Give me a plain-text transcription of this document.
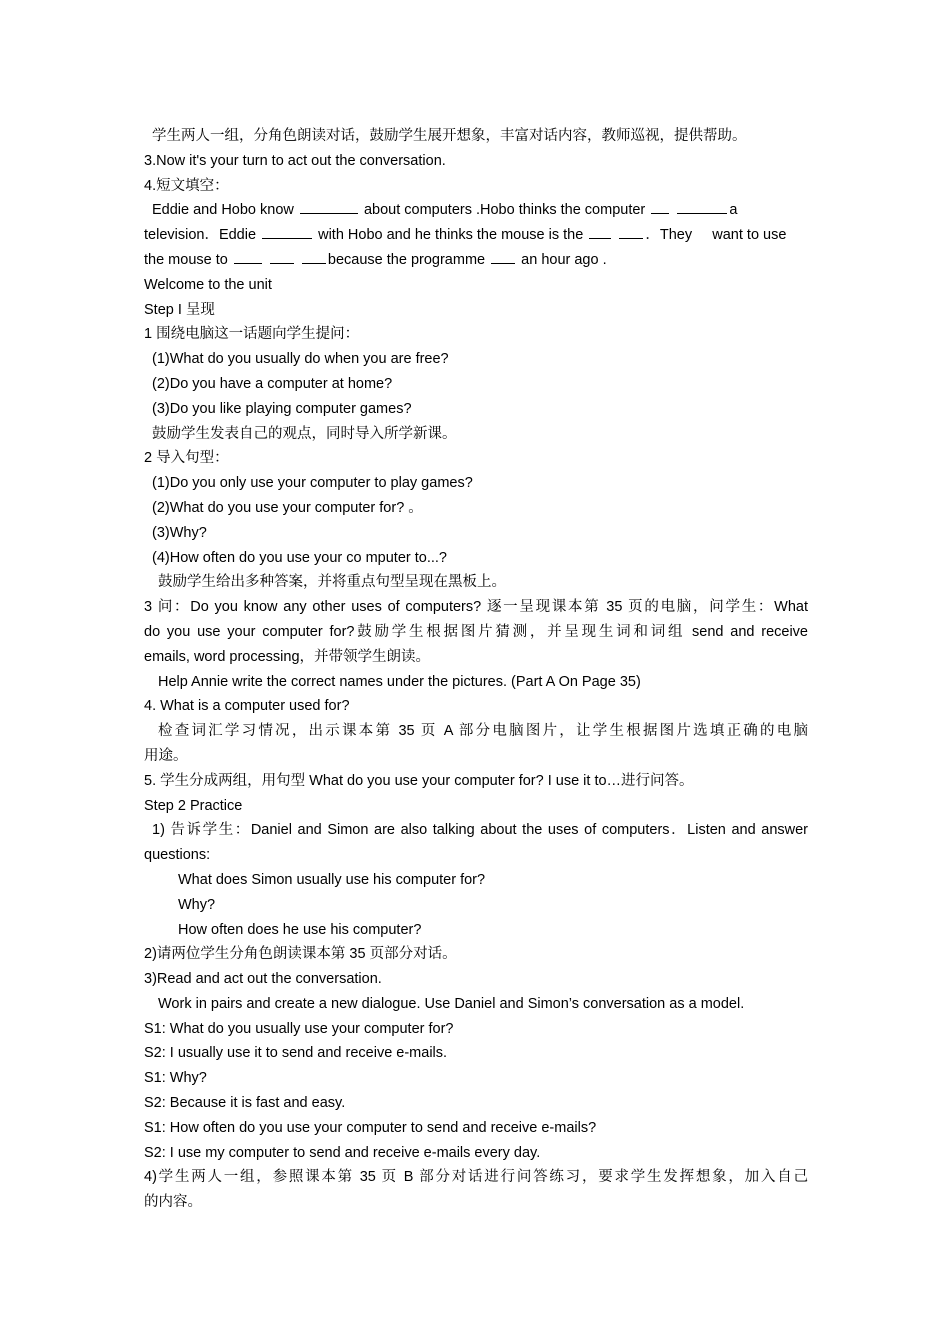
学生两人一组，分角色朗读对话，鼓励学生展开想象，丰富对话内容，教师巡视，提供帮助。
3.Now it's your turn to act out the conversation.
4.短文填空：
Eddie and Hobo know	about computers .Hobo thinks the computer	a
television．Eddie	with Hobo and he thinks the mouse is the	．They want to use
the mouse to	because the programme an hour ago .
Welcome to the unit
Step I 呈现
1 围绕电脑这一话题向学生提问：
(1)What do you usually do when you are free?
(2)Do you have a computer at home?
(3)Do you like playing computer games?
鼓励学生发表自己的观点，同时导入所学新课。
2 导入句型：
(1)Do you only use your computer to play games?
(2)What do you use your computer for? 。
(3)Why?
(4)How often do you use your co mputer to...?
鼓励学生给出多种答案，并将重点句型呈现在黑板上。
3 问：Do you know any other uses of computers? 逐一呈现课本第 35 页的电脑，问学生：What
do you use your computer for?鼓励学生根据图片猜测，并呈现生词和词组 send and receive
emails, word processing，并带领学生朗读。
Help Annie write the correct names under the pictures. (Part A On Page 35)
4. What is a computer used for?
检查词汇学习情况，出示课本第 35 页 A 部分电脑图片，让学生根据图片选填正确的电脑
用途。
5. 学生分成两组，用句型 What do you use your computer for? I use it to…进行问答。
Step 2 Practice
1) 告诉学生：Daniel and Simon are also talking about the uses of computers．Listen and answer
questions:
What does Simon usually use his computer for?
Why?
How often does he use his computer?
2)请两位学生分角色朗读课本第 35 页部分对话。
3)Read and act out the conversation.
Work in pairs and create a new dialogue. Use Daniel and Simon’s conversation as a model.
S1: What do you usually use your computer for?
S2: I usually use it to send and receive e-mails.
S1: Why?
S2: Because it is fast and easy.
S1: How often do you use your computer to send and receive e-mails?
S2: I use my computer to send and receive e-mails every day.
4)学生两人一组，参照课本第 35 页 B 部分对话进行问答练习，要求学生发挥想象，加入自己
的内容。
